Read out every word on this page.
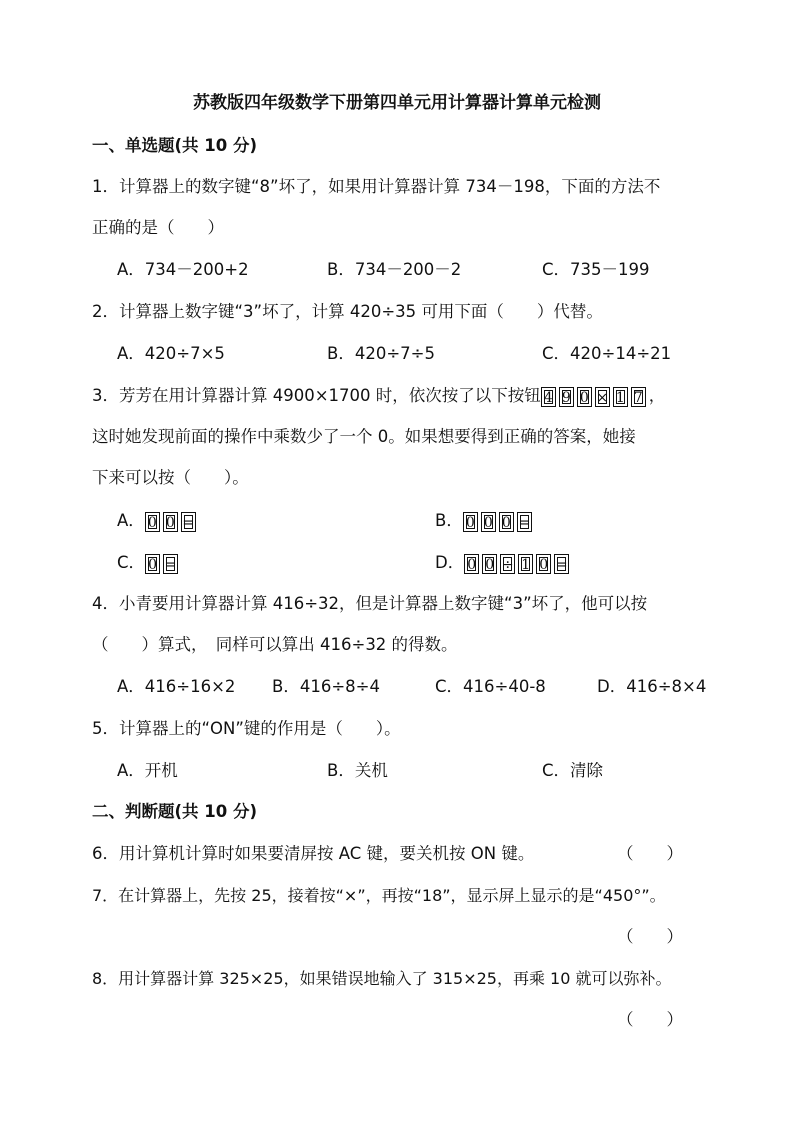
苏教版四年级数学下册第四单元用计算器计算单元检测
一、单选题(共 10 分)
1．计算器上的数字键“8”坏了，如果用计算器计算 734－198，下面的方法不
正确的是（　　）
A．734－200+2	B．734－200－2	C．735－199
2．计算器上数字键“3”坏了，计算 420÷35 可用下面（　　）代替。
A．420÷7×5	B．420÷7÷5	C．420÷14÷21
3．芳芳在用计算器计算 4900×1700 时，依次按了以下按钮 4 9 0 × 1 7 ，
这时她发现前面的操作中乘数少了一个 0。如果想要得到正确的答案，她接
下来可以按（　　）。
A． 0 0 =	B． 0 0 0 =
C． 0 =	D． 0 0 ÷ 1 0 =
4．小青要用计算器计算 416÷32，但是计算器上数字键“3”坏了，他可以按
（　　）算式，　同样可以算出 416÷32 的得数。
A．416÷16×2 B．416÷8÷4	C．416÷40-8	D．416÷8×4
5．计算器上的“ON”键的作用是（　　）。
A．开机	B．关机	C．清除
二、判断题(共 10 分)
6．用计算机计算时如果要清屏按 AC 键，要关机按 ON 键。	（　　）
7．在计算器上，先按 25，接着按“×”，再按“18”，显示屏上显示的是“450°”。
（　　）
8．用计算器计算 325×25，如果错误地输入了 315×25，再乘 10 就可以弥补。
（　　）
